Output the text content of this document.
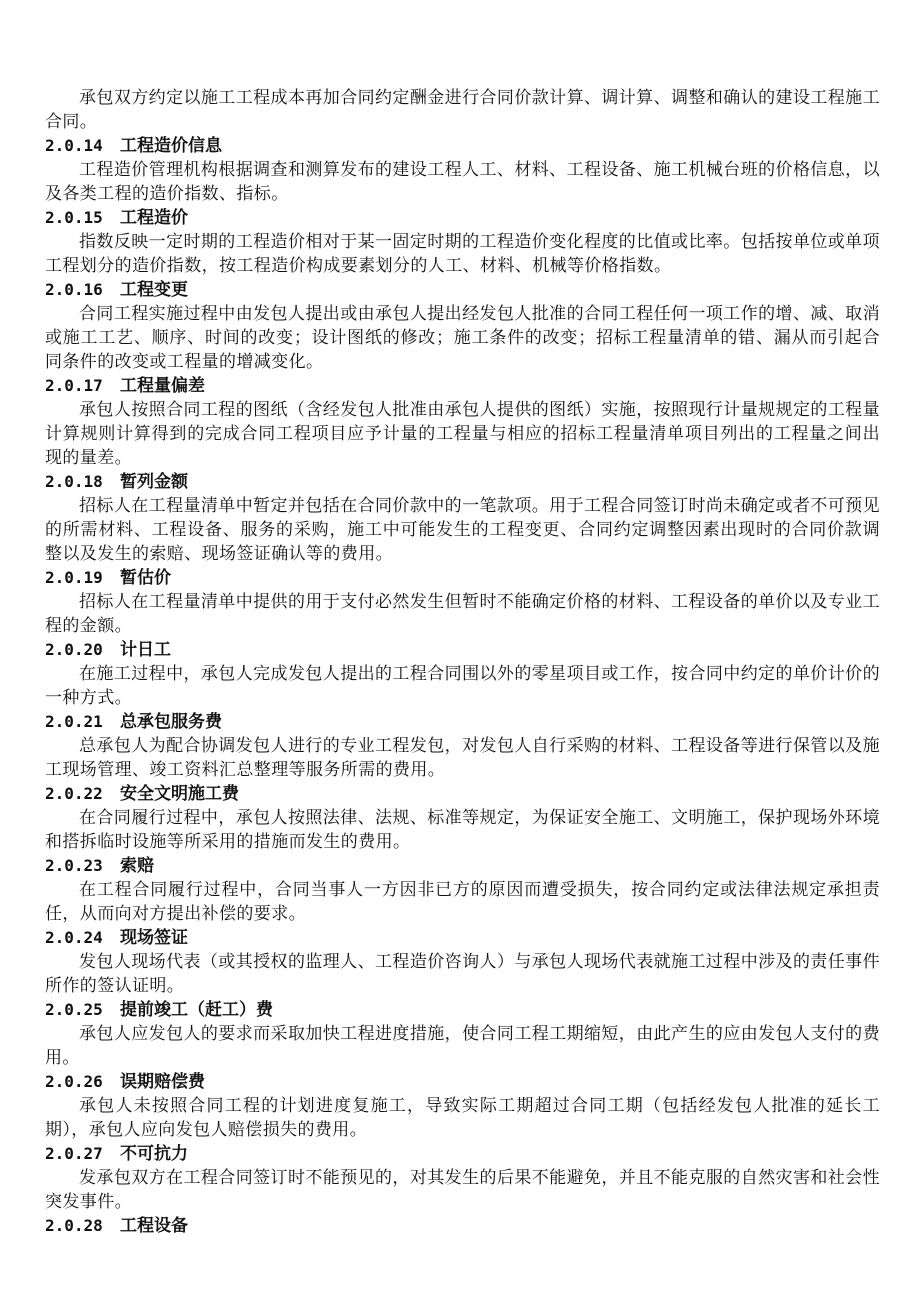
承包双方约定以施工工程成本再加合同约定酬金进行合同价款计算、调计算、调整和确认的建设工程施工合同。

2.0.14	工程造价信息

工程造价管理机构根据调查和测算发布的建设工程人工、材料、工程设备、施工机械台班的价格信息，以及各类工程的造价指数、指标。

2.0.15	工程造价

指数反映一定时期的工程造价相对于某一固定时期的工程造价变化程度的比值或比率。包括按单位或单项工程划分的造价指数，按工程造价构成要素划分的人工、材料、机械等价格指数。

2.0.16	工程变更

合同工程实施过程中由发包人提出或由承包人提出经发包人批准的合同工程任何一项工作的增、减、取消或施工工艺、顺序、时间的改变；设计图纸的修改；施工条件的改变；招标工程量清单的错、漏从而引起合同条件的改变或工程量的增减变化。

2.0.17	工程量偏差

承包人按照合同工程的图纸（含经发包人批准由承包人提供的图纸）实施，按照现行计量规规定的工程量计算规则计算得到的完成合同工程项目应予计量的工程量与相应的招标工程量清单项目列出的工程量之间出现的量差。

2.0.18	暂列金额

招标人在工程量清单中暂定并包括在合同价款中的一笔款项。用于工程合同签订时尚未确定或者不可预见的所需材料、工程设备、服务的采购，施工中可能发生的工程变更、合同约定调整因素出现时的合同价款调整以及发生的索赔、现场签证确认等的费用。

2.0.19	暂估价

招标人在工程量清单中提供的用于支付必然发生但暂时不能确定价格的材料、工程设备的单价以及专业工程的金额。

2.0.20	计日工

在施工过程中，承包人完成发包人提出的工程合同围以外的零星项目或工作，按合同中约定的单价计价的一种方式。

2.0.21	总承包服务费

总承包人为配合协调发包人进行的专业工程发包，对发包人自行采购的材料、工程设备等进行保管以及施工现场管理、竣工资料汇总整理等服务所需的费用。

2.0.22	安全文明施工费

在合同履行过程中，承包人按照法律、法规、标准等规定，为保证安全施工、文明施工，保护现场外环境和搭拆临时设施等所采用的措施而发生的费用。

2.0.23	索赔

在工程合同履行过程中，合同当事人一方因非已方的原因而遭受损失，按合同约定或法律法规定承担责任，从而向对方提出补偿的要求。

2.0.24	现场签证

发包人现场代表（或其授权的监理人、工程造价咨询人）与承包人现场代表就施工过程中涉及的责任事件所作的签认证明。

2.0.25	提前竣工（赶工）费

承包人应发包人的要求而采取加快工程进度措施，使合同工程工期缩短，由此产生的应由发包人支付的费用。

2.0.26	误期赔偿费

承包人未按照合同工程的计划进度复施工，导致实际工期超过合同工期（包括经发包人批准的延长工期），承包人应向发包人赔偿损失的费用。

2.0.27	不可抗力

发承包双方在工程合同签订时不能预见的，对其发生的后果不能避免，并且不能克服的自然灾害和社会性突发事件。

2.0.28	工程设备
